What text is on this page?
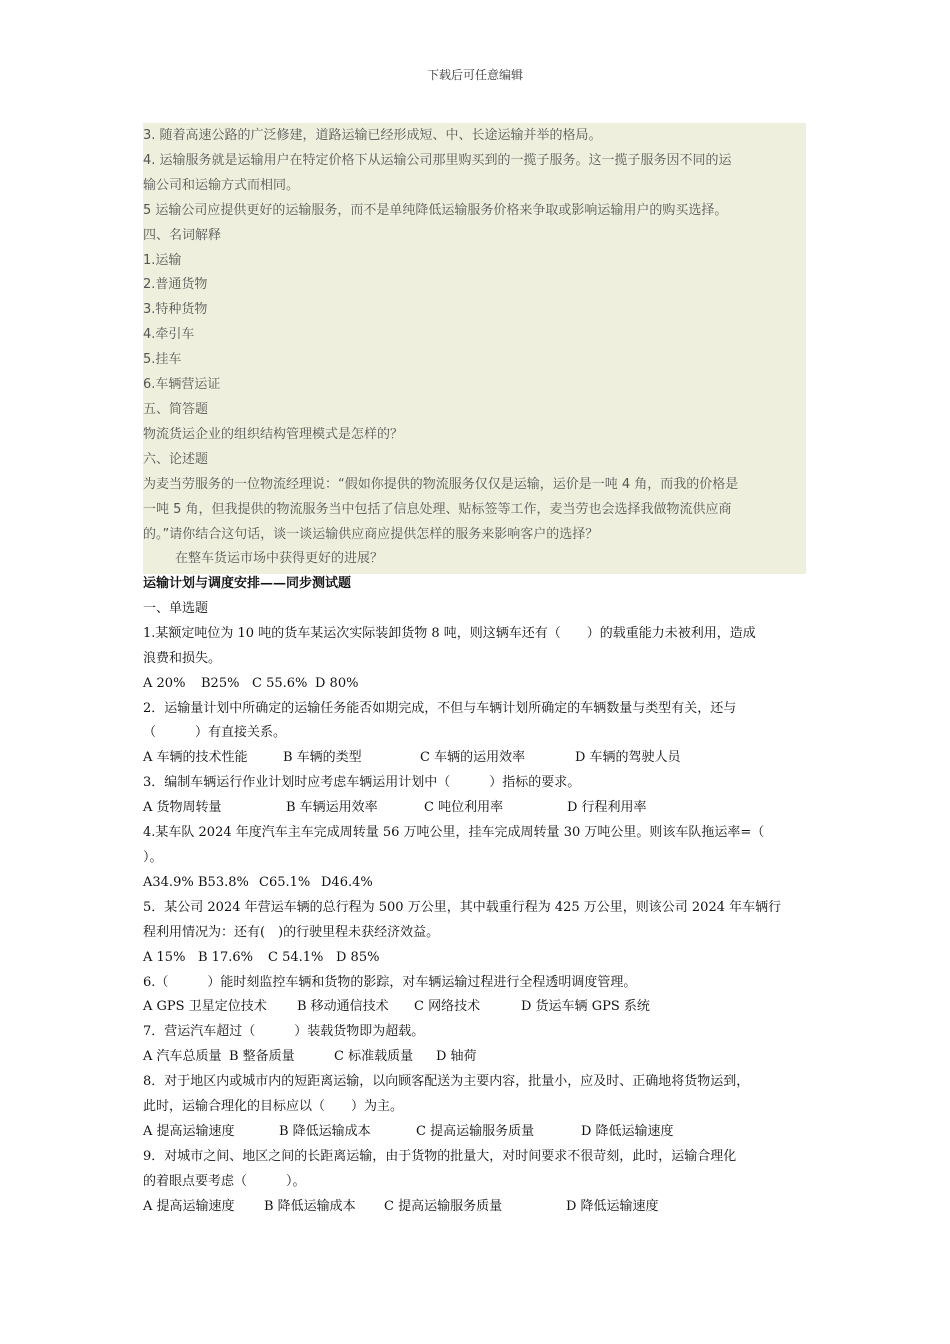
下载后可任意编辑
3. 随着高速公路的广泛修建，道路运输已经形成短、中、长途运输并举的格局。
4. 运输服务就是运输用户在特定价格下从运输公司那里购买到的一揽子服务。这一揽子服务因不同的运
输公司和运输方式而相同。
5 运输公司应提供更好的运输服务，而不是单纯降低运输服务价格来争取或影响运输用户的购买选择。
四、名词解释
1.运输
2.普通货物
3.特种货物
4.牵引车
5.挂车
6.车辆营运证
五、简答题
物流货运企业的组织结构管理模式是怎样的？
六、论述题
为麦当劳服务的一位物流经理说：“假如你提供的物流服务仅仅是运输，运价是一吨 4 角，而我的价格是
一吨 5 角，但我提供的物流服务当中包括了信息处理、贴标签等工作，麦当劳也会选择我做物流供应商
的。”请你结合这句话，谈一谈运输供应商应提供怎样的服务来影响客户的选择？
在整车货运市场中获得更好的进展？
运输计划与调度安排——同步测试题
一、单选题
1.某额定吨位为 10 吨的货车某运次实际装卸货物 8 吨，则这辆车还有（　　）的载重能力未被利用，造成
浪费和损失。
A 20%	B25% C 55.6% D 80%
2．运输量计划中所确定的运输任务能否如期完成，不但与车辆计划所确定的车辆数量与类型有关，还与
（　　　）有直接关系。
A 车辆的技术性能	B 车辆的类型	C 车辆的运用效率	D 车辆的驾驶人员
3．编制车辆运行作业计划时应考虑车辆运用计划中（　　　）指标的要求。
A 货物周转量	B 车辆运用效率	C 吨位利用率	D 行程利用率
4.某车队 2024 年度汽车主车完成周转量 56 万吨公里，挂车完成周转量 30 万吨公里。则该车队拖运率=（
）。
A34.9% B53.8% C65.1% D46.4%
5．某公司 2024 年营运车辆的总行程为 500 万公里，其中载重行程为 425 万公里，则该公司 2024 年车辆行
程利用情况为：还有(　)的行驶里程未获经济效益。
A 15% B 17.6%	C 54.1% D 85%
6.（　　　）能时刻监控车辆和货物的影踪，对车辆运输过程进行全程透明调度管理。
A GPS 卫星定位技术	B 移动通信技术	C 网络技术	D 货运车辆 GPS 系统
7．营运汽车超过（　　　）装载货物即为超载。
A 汽车总质量 B 整备质量	C 标准载质量	D 轴荷
8．对于地区内或城市内的短距离运输，以向顾客配送为主要内容，批量小，应及时、正确地将货物运到，
此时，运输合理化的目标应以（　　）为主。
A 提高运输速度	B 降低运输成本	C 提高运输服务质量	D 降低运输速度
9．对城市之间、地区之间的长距离运输，由于货物的批量大，对时间要求不很苛刻，此时，运输合理化
的着眼点要考虑（　　　）。
A 提高运输速度	B 降低运输成本	C 提高运输服务质量	D 降低运输速度
